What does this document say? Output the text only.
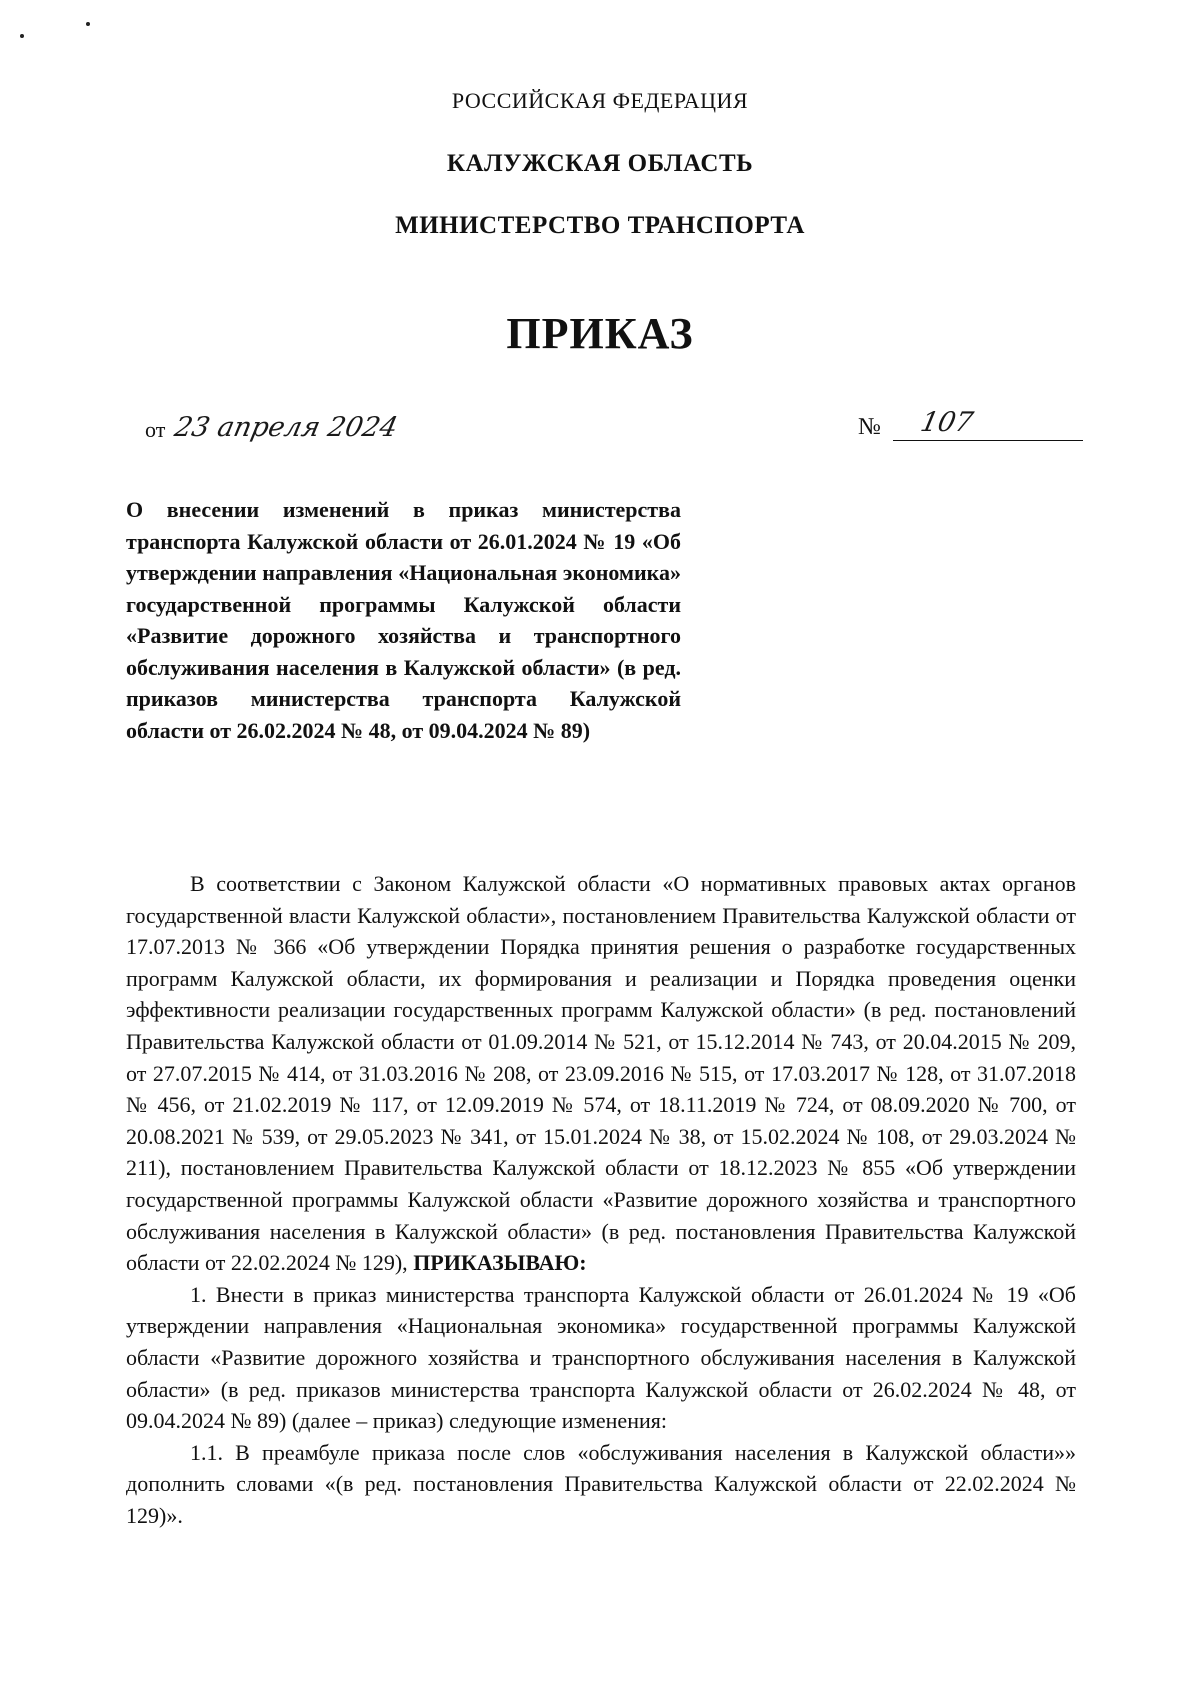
РОССИЙСКАЯ ФЕДЕРАЦИЯ
КАЛУЖСКАЯ ОБЛАСТЬ
МИНИСТЕРСТВО ТРАНСПОРТА
ПРИКАЗ
от 23 апреля 2024	№ 107
О внесении изменений в приказ министерства транспорта Калужской области от 26.01.2024 № 19 «Об утверждении направления «Национальная экономика» государственной программы Калужской области «Развитие дорожного хозяйства и транспортного обслуживания населения в Калужской области» (в ред. приказов министерства транспорта Калужской области от 26.02.2024 № 48, от 09.04.2024 № 89)

В соответствии с Законом Калужской области «О нормативных правовых актах органов государственной власти Калужской области», постановлением Правительства Калужской области от 17.07.2013 № 366 «Об утверждении Порядка принятия решения о разработке государственных программ Калужской области, их формирования и реализации и Порядка проведения оценки эффективности реализации государственных программ Калужской области» (в ред. постановлений Правительства Калужской области от 01.09.2014 № 521, от 15.12.2014 № 743, от 20.04.2015 № 209, от 27.07.2015 № 414, от 31.03.2016 № 208, от 23.09.2016 № 515, от 17.03.2017 № 128, от 31.07.2018 № 456, от 21.02.2019 № 117, от 12.09.2019 № 574, от 18.11.2019 № 724, от 08.09.2020 № 700, от 20.08.2021 № 539, от 29.05.2023 № 341, от 15.01.2024 № 38, от 15.02.2024 № 108, от 29.03.2024 № 211), постановлением Правительства Калужской области от 18.12.2023 № 855 «Об утверждении государственной программы Калужской области «Развитие дорожного хозяйства и транспортного обслуживания населения в Калужской области» (в ред. постановления Правительства Калужской области от 22.02.2024 № 129), ПРИКАЗЫВАЮ:

1. Внести в приказ министерства транспорта Калужской области от 26.01.2024 № 19 «Об утверждении направления «Национальная экономика» государственной программы Калужской области «Развитие дорожного хозяйства и транспортного обслуживания населения в Калужской области» (в ред. приказов министерства транспорта Калужской области от 26.02.2024 № 48, от 09.04.2024 № 89) (далее – приказ) следующие изменения:

1.1. В преамбуле приказа после слов «обслуживания населения в Калужской области»» дополнить словами «(в ред. постановления Правительства Калужской области от 22.02.2024 № 129)».
